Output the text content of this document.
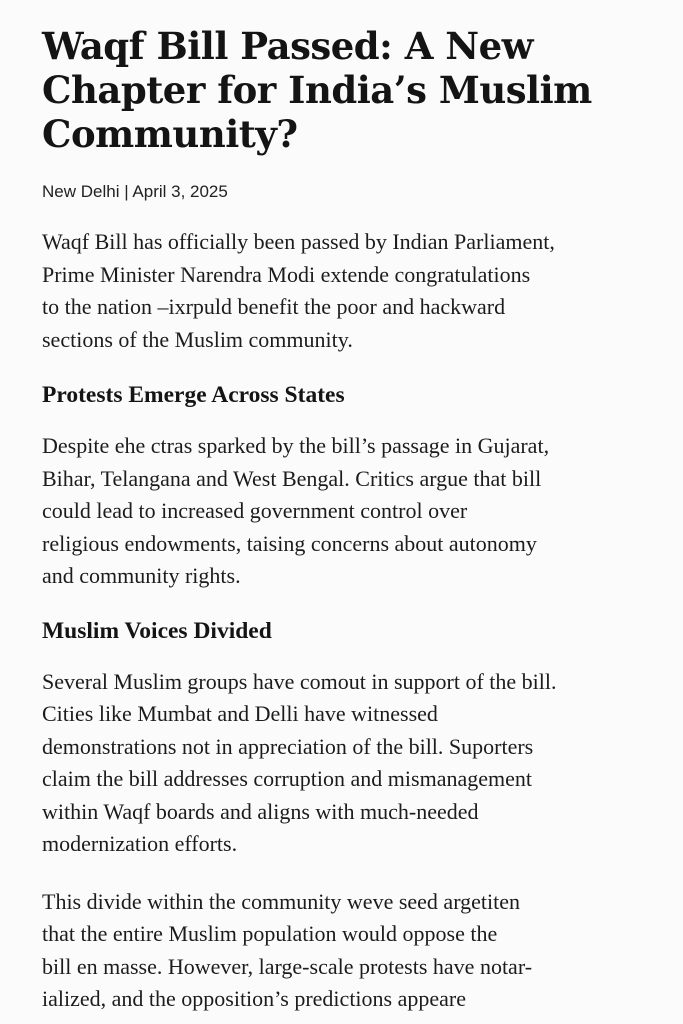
Waqf Bill Passed: A New
Chapter for India’s Muslim
Community?

New Delhi | April 3, 2025

Waqf Bill has officially been passed by Indian Parliament,
Prime Minister Narendra Modi extende congratulations
to the nation –ixrpuld benefit the poor and hackward
sections of the Muslim community.

Protests Emerge Across States

Despite ehe ctras sparked by the bill’s passage in Gujarat,
Bihar, Telangana and West Bengal. Critics argue that bill
could lead to increased government control over
religious endowments, taising concerns about autonomy
and community rights.

Muslim Voices Divided

Several Muslim groups have comout in support of the bill.
Cities like Mumbat and Delli have witnessed
demonstrations not in appreciation of the bill. Suporters
claim the bill addresses corruption and mismanagement
within Waqf boards and aligns with much-needed
modernization efforts.

This divide within the community weve seed argetiten
that the entire Muslim population would oppose the
bill en masse. However, large-scale protests have notar-
ialized, and the opposition’s predictions appeare
